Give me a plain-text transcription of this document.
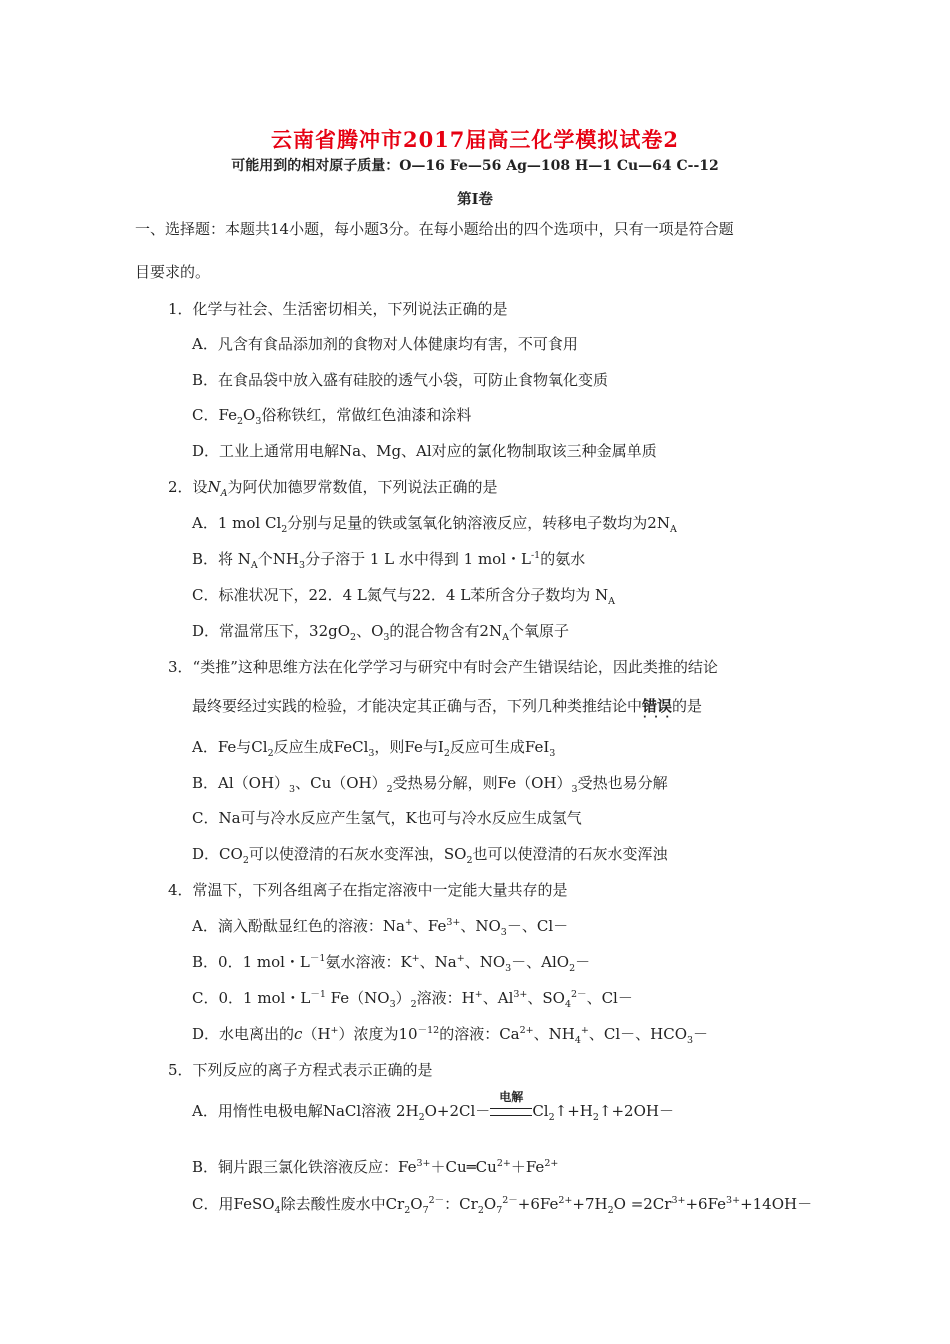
云南省腾冲市2017届高三化学模拟试卷2
可能用到的相对原子质量：O—16 Fe—56 Ag—108 H—1 Cu—64 C--12
第Ⅰ卷
一、选择题：本题共14小题，每小题3分。在每小题给出的四个选项中，只有一项是符合题
目要求的。
1．化学与社会、生活密切相关，下列说法正确的是
A．凡含有食品添加剂的食物对人体健康均有害，不可食用
B．在食品袋中放入盛有硅胶的透气小袋，可防止食物氧化变质
C．$Fe_2O_3$俗称铁红，常做红色油漆和涂料
D．工业上通常用电解Na、Mg、Al对应的氯化物制取该三种金属单质
2．设$N_A$为阿伏加德罗常数值，下列说法正确的是
A．1 mol $Cl_2$分别与足量的铁或氢氧化钠溶液反应，转移电子数均为$2N_A$
B．将 $N_A$个$NH_3$分子溶于 1 L 水中得到 1 mol・$L^{-1}$的氨水
C．标准状况下，22．4 L氮气与22．4 L苯所含分子数均为 $N_A$
D．常温常压下，$32gO_2$、$O_3$的混合物含有$2N_A$个氧原子
3．“类推”这种思维方法在化学学习与研究中有时会产生错误结论，因此类推的结论
最终要经过实践的检验，才能决定其正确与否，下列几种类推结论中错误 · · ·的是
A．Fe与$Cl_2$反应生成FeCl$_3$，则Fe与$I_2$反应可生成FeI$_3$
B．$Al(OH)_3$、$Cu(OH)_2$受热易分解，则$Fe(OH)_3$受热也易分解
C．Na可与冷水反应产生氢气，K也可与冷水反应生成氢气
D．$CO_2$可以使澄清的石灰水变浑浊，$SO_2$也可以使澄清的石灰水变浑浊
4．常温下，下列各组离子在指定溶液中一定能大量共存的是
A．滴入酚酞显红色的溶液：Na+、$Fe^{3+}$、$NO_3-$、Cl－
B．0．1 mol・$L^{-1}$氨水溶液：K+、Na+、$NO_3-$、AlO$_2$－
C．0．1 mol・$L^{-1}$ $Fe(NO_3)_2$溶液：H+、$Al^{3+}$、$SO_4^{2-}$、Cl－
D．水电离出的c（H+）浓度为$10^{-12}$的溶液：$Ca^{2+}$、$NH_4^+$、Cl－、$HCO_3-$
5．下列反应的离子方程式表示正确的是
A．用惰性电极电解NaCl溶液 $2H_2O+2Cl-$
电解
$Cl_2↑+H_2↑+2OH-$
B．铜片跟三氯化铁溶液反应：$Fe^{3+}+Cu═Cu^{2+}+Fe^{2+}$
C．用FeSO$_4$除去酸性废水中$Cr_2O_7^{2-}$：$Cr_2O_7^{2-}+6Fe^{2+}+7H_2O =2Cr^{3+}+6Fe^{3+}+14OH-$
